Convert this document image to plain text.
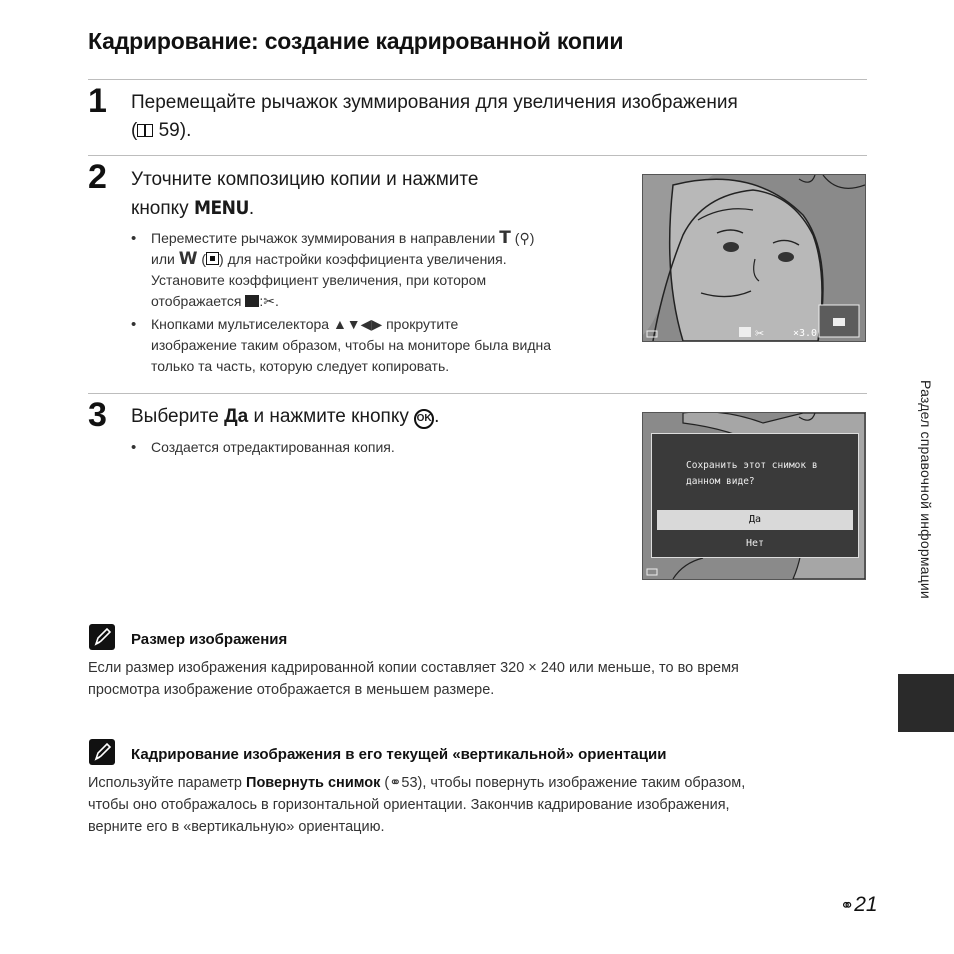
Кадрирование: создание кадрированной копии
1 Перемещайте рычажок зуммирования для увеличения изображения
( 59).
2 Уточните композицию копии и нажмите
кнопку MENU.
• Переместите рычажок зуммирования в направлении T (⚲)
или W ( ) для настройки коэффициента увеличения.
Установите коэффициент увеличения, при котором
отображается :✂.
• Кнопками мультиселектора ▲▼◀▶ прокрутите
изображение таким образом, чтобы на мониторе была видна
только та часть, которую следует копировать.
✂	×3.0
3 Выберите Да и нажмите кнопку OK .
• Создается отредактированная копия.
Сохранить этот снимок в
данном виде?
Да
Нет
Размер изображения
Если размер изображения кадрированной копии составляет 320 × 240 или меньше, то во время
просмотра изображение отображается в меньшем размере.
Кадрирование изображения в его текущей «вертикальной» ориентации
Используйте параметр Повернуть снимок (⚭53), чтобы повернуть изображение таким образом,
чтобы оно отображалось в горизонтальной ориентации. Закончив кадрирование изображения,
верните его в «вертикальную» ориентацию.
Раздел справочной информации
⚭21
